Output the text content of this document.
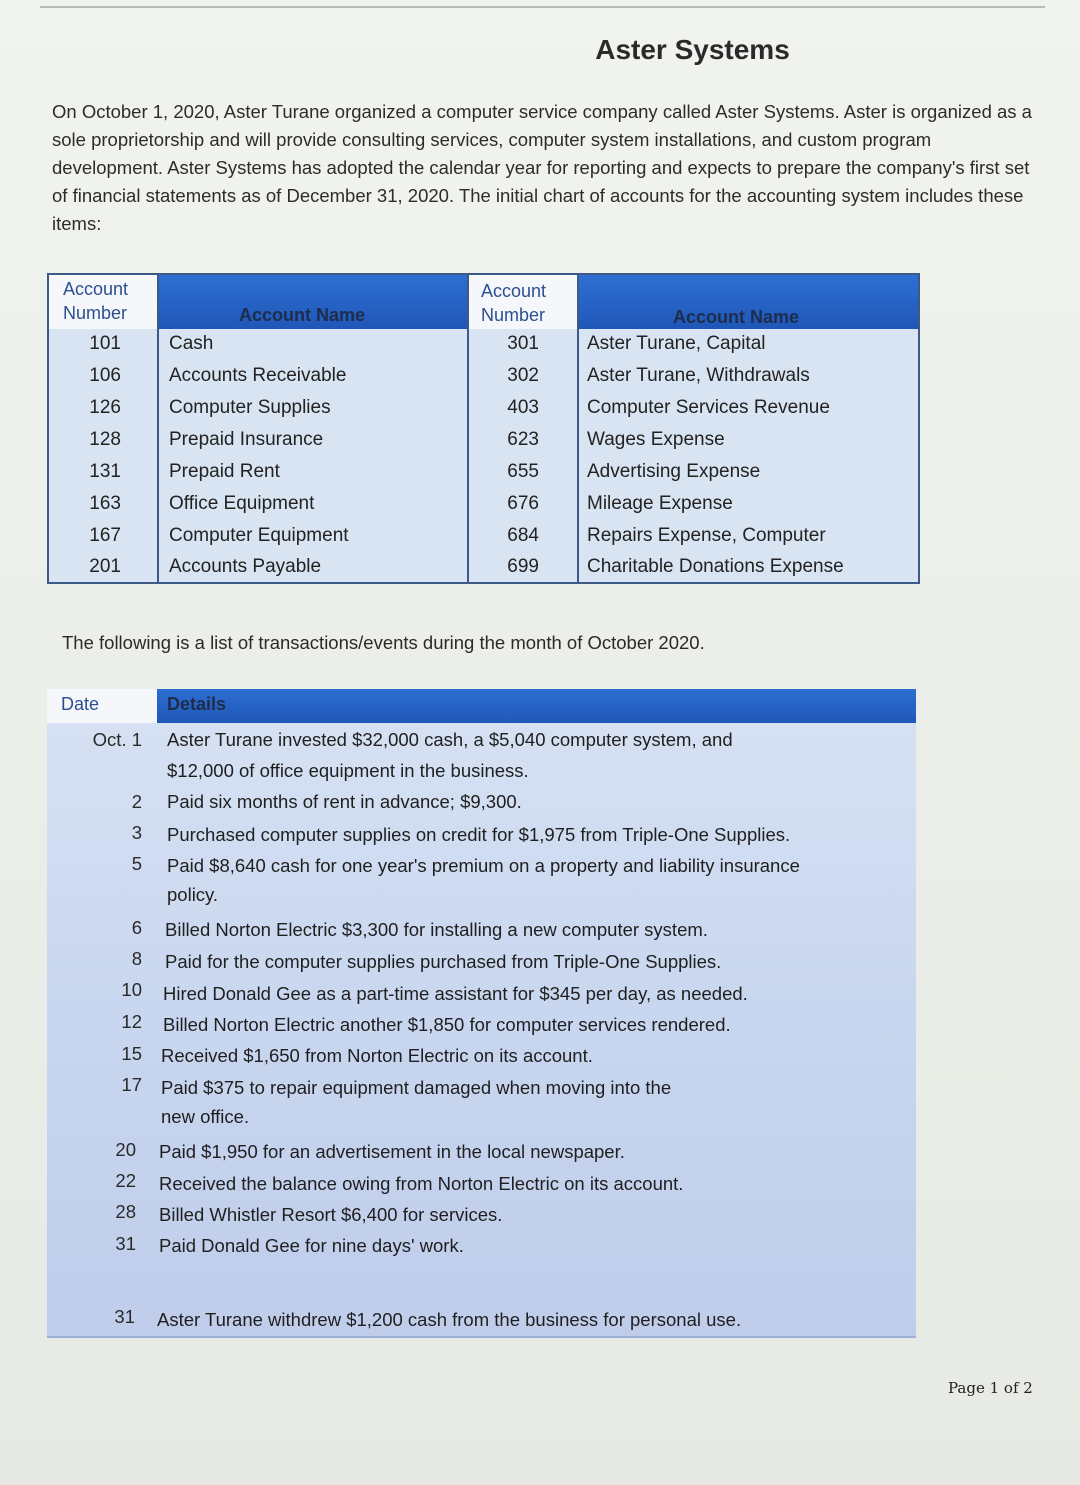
Aster Systems
On October 1, 2020, Aster Turane organized a computer service company called Aster Systems. Aster is organized as a sole proprietorship and will provide consulting services, computer system installations, and custom program development. Aster Systems has adopted the calendar year for reporting and expects to prepare the company's first set of financial statements as of December 31, 2020. The initial chart of accounts for the accounting system includes these items:
Account
Number	Account Name
Account
Number	Account Name
101	Cash	301	Aster Turane, Capital
106	Accounts Receivable	302	Aster Turane, Withdrawals
126	Computer Supplies	403	Computer Services Revenue
128	Prepaid Insurance	623	Wages Expense
131	Prepaid Rent	655	Advertising Expense
163	Office Equipment	676	Mileage Expense
167	Computer Equipment	684	Repairs Expense, Computer
201	Accounts Payable	699	Charitable Donations Expense
The following is a list of transactions/events during the month of October 2020.
Date	Details
Oct. 1 Aster Turane invested $32,000 cash, a $5,040 computer system, and
$12,000 of office equipment in the business.
2 Paid six months of rent in advance; $9,300.
3 Purchased computer supplies on credit for $1,975 from Triple-One Supplies.
5 Paid $8,640 cash for one year's premium on a property and liability insurance
policy.
6 Billed Norton Electric $3,300 for installing a new computer system.
8 Paid for the computer supplies purchased from Triple-One Supplies.
10 Hired Donald Gee as a part-time assistant for $345 per day, as needed.
12 Billed Norton Electric another $1,850 for computer services rendered.
15 Received $1,650 from Norton Electric on its account.
17 Paid $375 to repair equipment damaged when moving into the
new office.
20 Paid $1,950 for an advertisement in the local newspaper.
22 Received the balance owing from Norton Electric on its account.
28 Billed Whistler Resort $6,400 for services.
31 Paid Donald Gee for nine days' work.
31 Aster Turane withdrew $1,200 cash from the business for personal use.
Page 1 of 2
